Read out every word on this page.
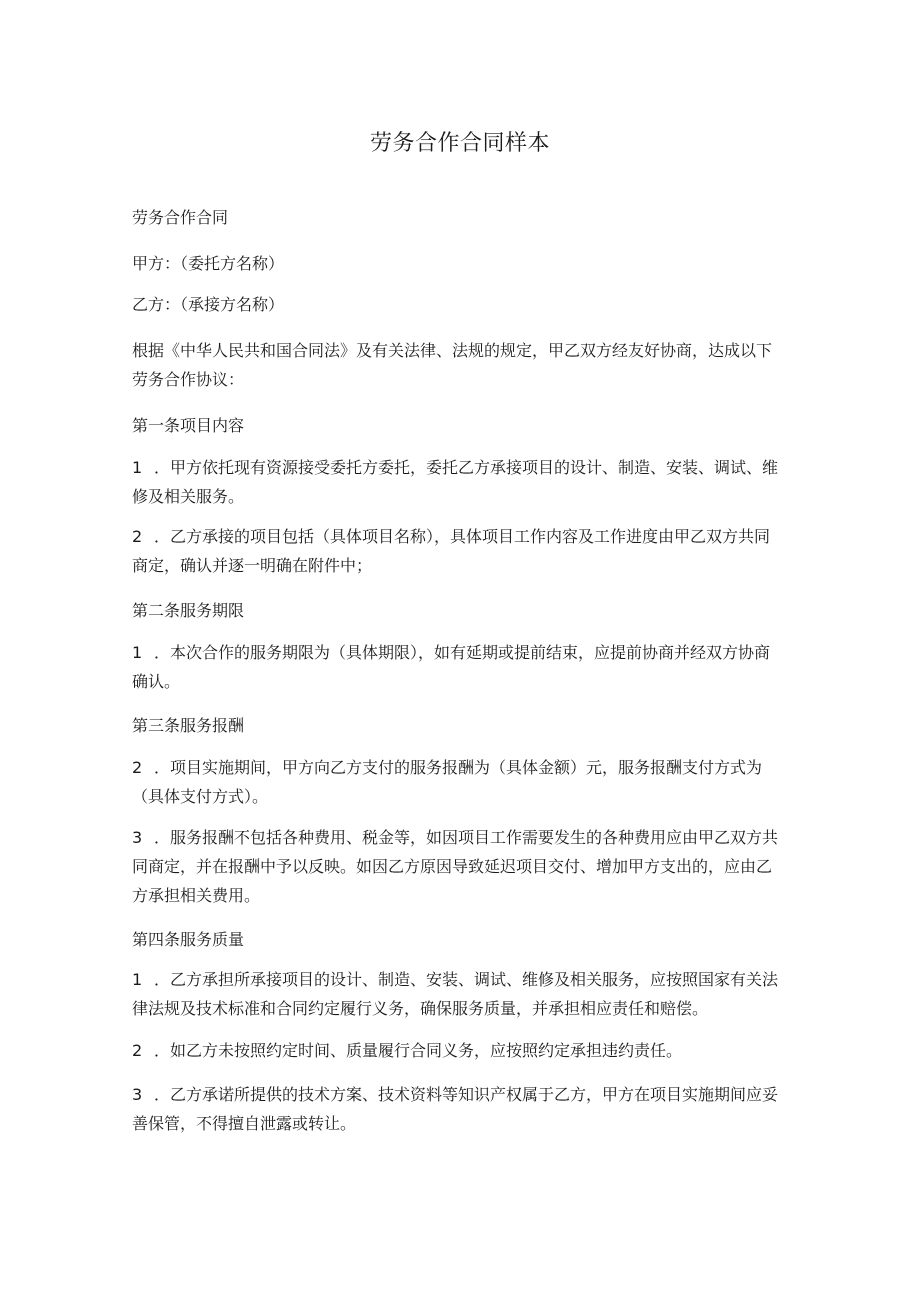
劳务合作合同样本

劳务合作合同

甲方：（委托方名称）

乙方：（承接方名称）

根据《中华人民共和国合同法》及有关法律、法规的规定，甲乙双方经友好协商，达成以下劳务合作协议：

第一条项目内容

1 ．甲方依托现有资源接受委托方委托，委托乙方承接项目的设计、制造、安装、调试、维修及相关服务。

2 ．乙方承接的项目包括（具体项目名称），具体项目工作内容及工作进度由甲乙双方共同商定，确认并逐一明确在附件中；

第二条服务期限

1 ．本次合作的服务期限为（具体期限），如有延期或提前结束，应提前协商并经双方协商确认。

第三条服务报酬

2 ．项目实施期间，甲方向乙方支付的服务报酬为（具体金额）元，服务报酬支付方式为（具体支付方式）。

3 ．服务报酬不包括各种费用、税金等，如因项目工作需要发生的各种费用应由甲乙双方共同商定，并在报酬中予以反映。如因乙方原因导致延迟项目交付、增加甲方支出的，应由乙方承担相关费用。

第四条服务质量

1 ．乙方承担所承接项目的设计、制造、安装、调试、维修及相关服务，应按照国家有关法律法规及技术标准和合同约定履行义务，确保服务质量，并承担相应责任和赔偿。

2 ．如乙方未按照约定时间、质量履行合同义务，应按照约定承担违约责任。

3 ．乙方承诺所提供的技术方案、技术资料等知识产权属于乙方，甲方在项目实施期间应妥善保管，不得擅自泄露或转让。
